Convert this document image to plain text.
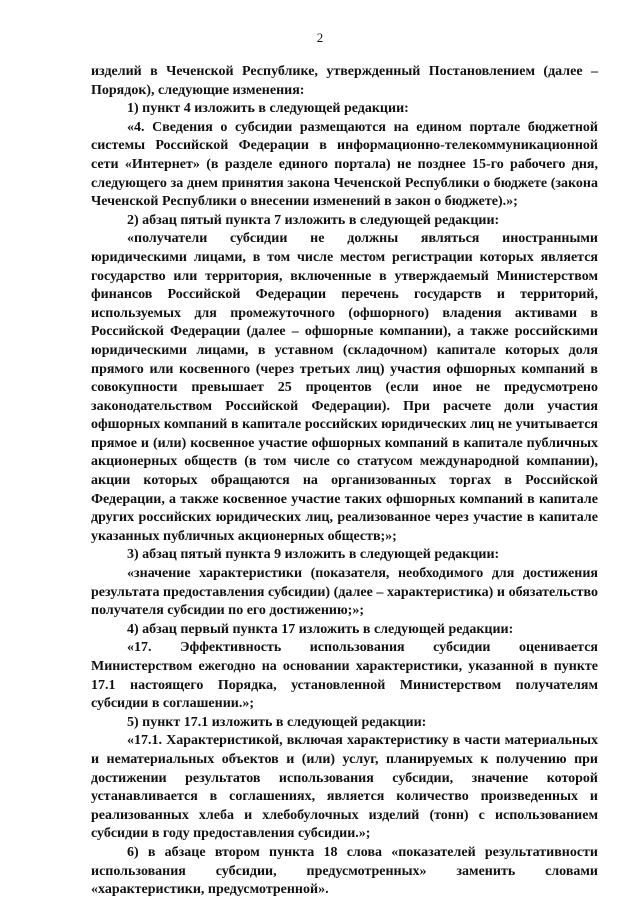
2

изделий в Чеченской Республике, утвержденный Постановлением (далее – Порядок), следующие изменения:

1) пункт 4 изложить в следующей редакции:

«4. Сведения о субсидии размещаются на едином портале бюджетной системы Российской Федерации в информационно-телекоммуникационной сети «Интернет» (в разделе единого портала) не позднее 15-го рабочего дня, следующего за днем принятия закона Чеченской Республики о бюджете (закона Чеченской Республики о внесении изменений в закон о бюджете).»;

2) абзац пятый пункта 7 изложить в следующей редакции:

«получатели субсидии не должны являться иностранными юридическими лицами, в том числе местом регистрации которых является государство или территория, включенные в утверждаемый Министерством финансов Российской Федерации перечень государств и территорий, используемых для промежуточного (офшорного) владения активами в Российской Федерации (далее – офшорные компании), а также российскими юридическими лицами, в уставном (складочном) капитале которых доля прямого или косвенного (через третьих лиц) участия офшорных компаний в совокупности превышает 25 процентов (если иное не предусмотрено законодательством Российской Федерации). При расчете доли участия офшорных компаний в капитале российских юридических лиц не учитывается прямое и (или) косвенное участие офшорных компаний в капитале публичных акционерных обществ (в том числе со статусом международной компании), акции которых обращаются на организованных торгах в Российской Федерации, а также косвенное участие таких офшорных компаний в капитале других российских юридических лиц, реализованное через участие в капитале указанных публичных акционерных обществ;»;

3) абзац пятый пункта 9 изложить в следующей редакции:

«значение характеристики (показателя, необходимого для достижения результата предоставления субсидии) (далее – характеристика) и обязательство получателя субсидии по его достижению;»;

4) абзац первый пункта 17 изложить в следующей редакции:

«17. Эффективность использования субсидии оценивается Министерством ежегодно на основании характеристики, указанной в пункте 17.1 настоящего Порядка, установленной Министерством получателям субсидии в соглашении.»;

5) пункт 17.1 изложить в следующей редакции:

«17.1. Характеристикой, включая характеристику в части материальных и нематериальных объектов и (или) услуг, планируемых к получению при достижении результатов использования субсидии, значение которой устанавливается в соглашениях, является количество произведенных и реализованных хлеба и хлебобулочных изделий (тонн) с использованием субсидии в году предоставления субсидии.»;

6) в абзаце втором пункта 18 слова «показателей результативности использования субсидии, предусмотренных» заменить словами «характеристики, предусмотренной».
